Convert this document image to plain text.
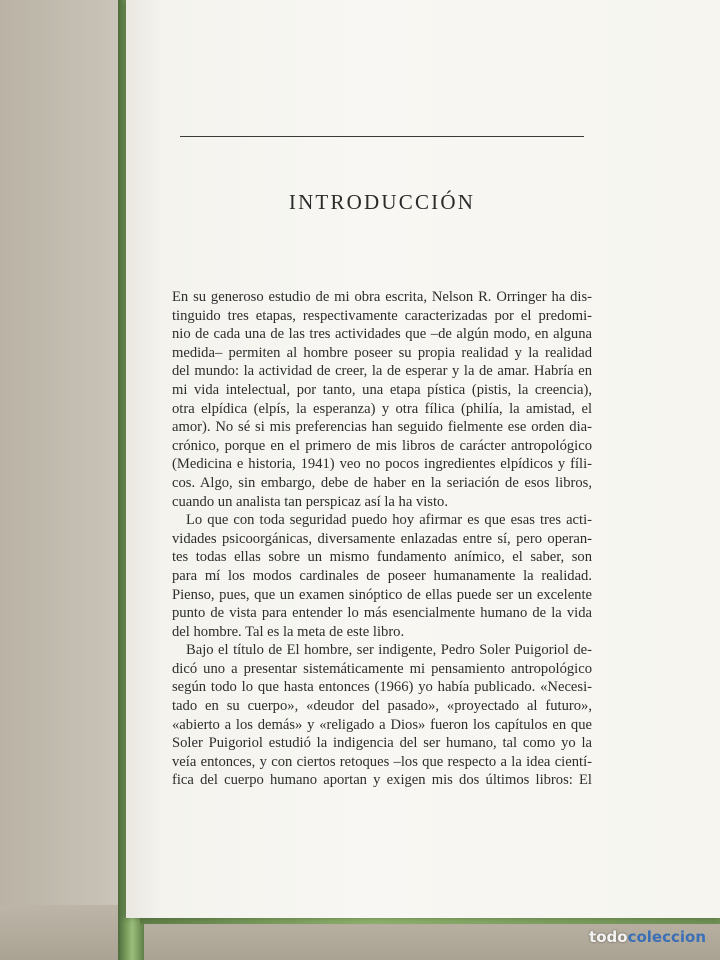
INTRODUCCIÓN

En su generoso estudio de mi obra escrita, Nelson R. Orringer ha dis-

tinguido tres etapas, respectivamente caracterizadas por el predomi-

nio de cada una de las tres actividades que –de algún modo, en alguna

medida– permiten al hombre poseer su propia realidad y la realidad

del mundo: la actividad de creer, la de esperar y la de amar. Habría en

mi vida intelectual, por tanto, una etapa pística (pistis, la creencia),

otra elpídica (elpís, la esperanza) y otra fílica (philía, la amistad, el

amor). No sé si mis preferencias han seguido fielmente ese orden dia-

crónico, porque en el primero de mis libros de carácter antropológico

(Medicina e historia, 1941) veo no pocos ingredientes elpídicos y fíli-

cos. Algo, sin embargo, debe de haber en la seriación de esos libros,

cuando un analista tan perspicaz así la ha visto.

Lo que con toda seguridad puedo hoy afirmar es que esas tres acti-

vidades psicoorgánicas, diversamente enlazadas entre sí, pero operan-

tes todas ellas sobre un mismo fundamento anímico, el saber, son

para mí los modos cardinales de poseer humanamente la realidad.

Pienso, pues, que un examen sinóptico de ellas puede ser un excelente

punto de vista para entender lo más esencialmente humano de la vida

del hombre. Tal es la meta de este libro.

Bajo el título de El hombre, ser indigente, Pedro Soler Puigoriol de-

dicó uno a presentar sistemáticamente mi pensamiento antropológico

según todo lo que hasta entonces (1966) yo había publicado. «Necesi-

tado en su cuerpo», «deudor del pasado», «proyectado al futuro»,

«abierto a los demás» y «religado a Dios» fueron los capítulos en que

Soler Puigoriol estudió la indigencia del ser humano, tal como yo la

veía entonces, y con ciertos retoques –los que respecto a la idea cientí-

fica del cuerpo humano aportan y exigen mis dos últimos libros: El

todocoleccion
